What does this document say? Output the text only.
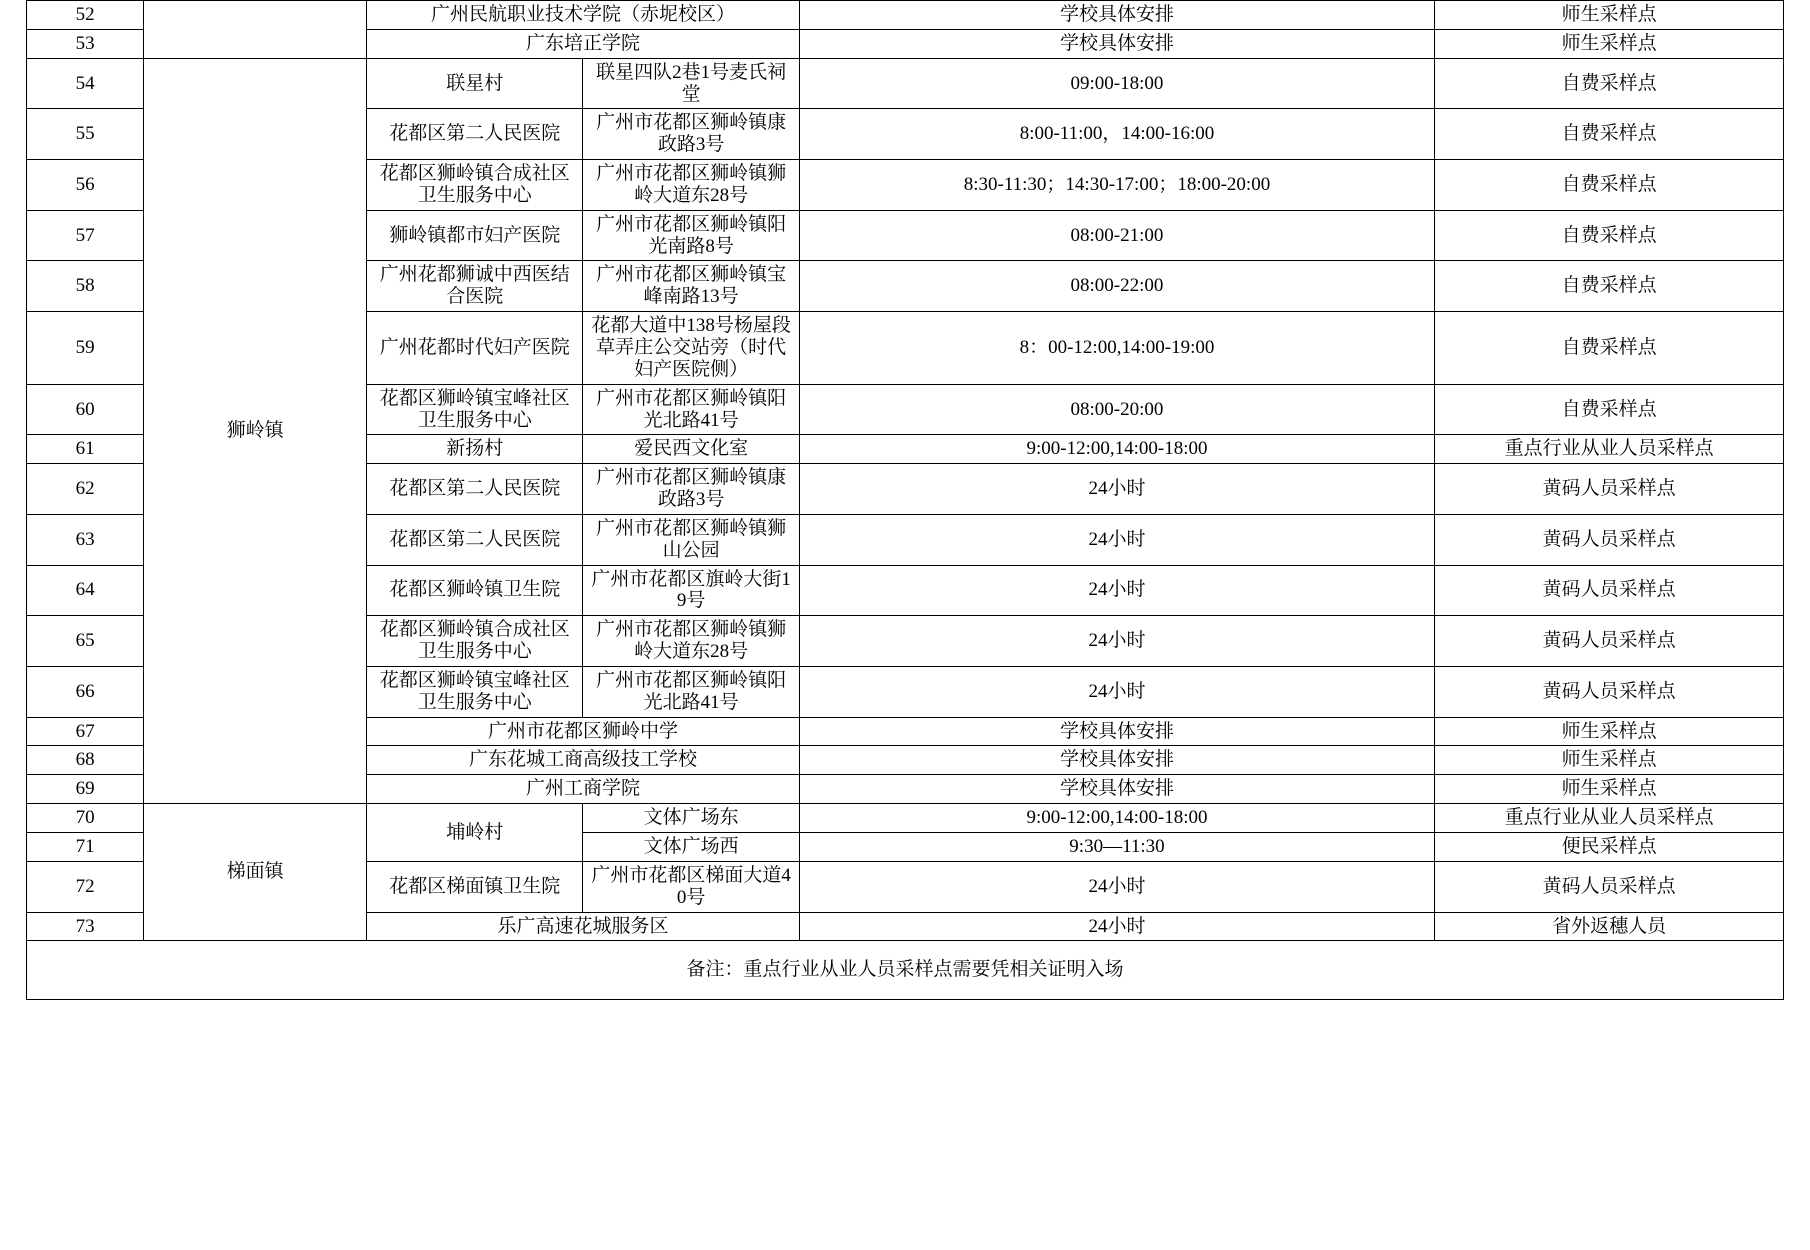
52		广州民航职业技术学院（赤坭校区）		学校具体安排	师生采样点
53		广东培正学院		学校具体安排	师生采样点
54	狮岭镇	联星村	联星四队2巷1号麦氏祠堂	09:00-18:00	自费采样点
55		花都区第二人民医院	广州市花都区狮岭镇康政路3号	8:00-11:00，14:00-16:00	自费采样点
56		花都区狮岭镇合成社区卫生服务中心	广州市花都区狮岭镇狮岭大道东28号	8:30-11:30；14:30-17:00；18:00-20:00	自费采样点
57		狮岭镇都市妇产医院	广州市花都区狮岭镇阳光南路8号	08:00-21:00	自费采样点
58		广州花都狮诚中西医结合医院	广州市花都区狮岭镇宝峰南路13号	08:00-22:00	自费采样点
59		广州花都时代妇产医院	花都大道中138号杨屋段草弄庄公交站旁（时代妇产医院侧）	8：00-12:00,14:00-19:00	自费采样点
60		花都区狮岭镇宝峰社区卫生服务中心	广州市花都区狮岭镇阳光北路41号	08:00-20:00	自费采样点
61		新扬村	爱民西文化室	9:00-12:00,14:00-18:00	重点行业从业人员采样点
62		花都区第二人民医院	广州市花都区狮岭镇康政路3号	24小时	黄码人员采样点
63		花都区第二人民医院	广州市花都区狮岭镇狮山公园	24小时	黄码人员采样点
64		花都区狮岭镇卫生院	广州市花都区旗岭大街19号	24小时	黄码人员采样点
65		花都区狮岭镇合成社区卫生服务中心	广州市花都区狮岭镇狮岭大道东28号	24小时	黄码人员采样点
66		花都区狮岭镇宝峰社区卫生服务中心	广州市花都区狮岭镇阳光北路41号	24小时	黄码人员采样点
67		广州市花都区狮岭中学		学校具体安排	师生采样点
68		广东花城工商高级技工学校		学校具体安排	师生采样点
69		广州工商学院		学校具体安排	师生采样点
70	梯面镇	埔岭村	文体广场东	9:00-12:00,14:00-18:00	重点行业从业人员采样点
71			文体广场西	9:30—11:30	便民采样点
72		花都区梯面镇卫生院	广州市花都区梯面大道40号	24小时	黄码人员采样点
73		乐广高速花城服务区		24小时	省外返穗人员
备注：重点行业从业人员采样点需要凭相关证明入场					
